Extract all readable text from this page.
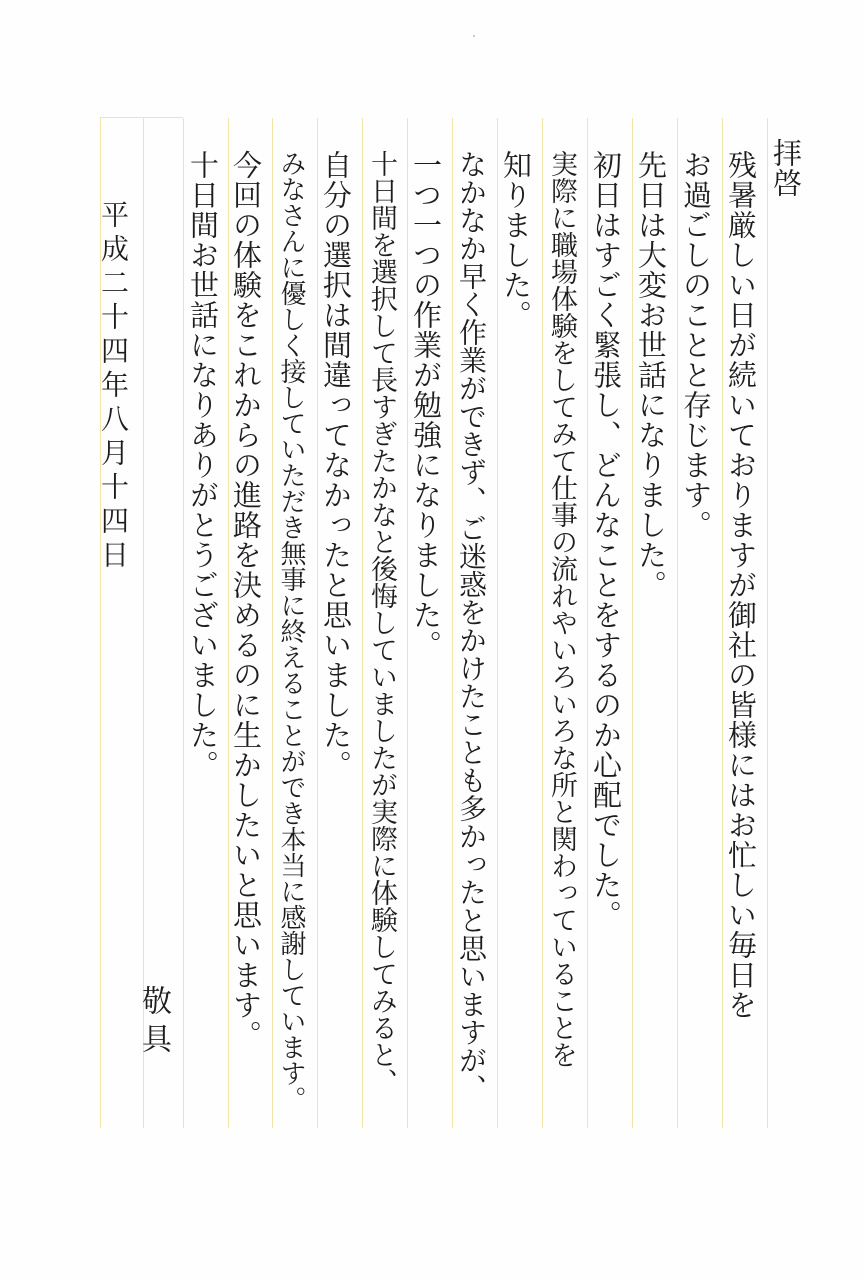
拝啓
残暑厳しい日が続いておりますが御社の皆様にはお忙しい毎日を
お過ごしのことと存じます。
先日は大変お世話になりました。
初日はすごく緊張し、どんなことをするのか心配でした。
実際に職場体験をしてみて仕事の流れやいろいろな所と関わっていることを
知りました。
なかなか早く作業ができず、ご迷惑をかけたことも多かったと思いますが、
一つ一つの作業が勉強になりました。
十日間を選択して長すぎたかなと後悔していましたが実際に体験してみると、
自分の選択は間違ってなかったと思いました。
みなさんに優しく接していただき無事に終えることができ本当に感謝しています。
今回の体験をこれからの進路を決めるのに生かしたいと思います。
十日間お世話になりありがとうございました。
敬具
平成二十四年八月十四日
